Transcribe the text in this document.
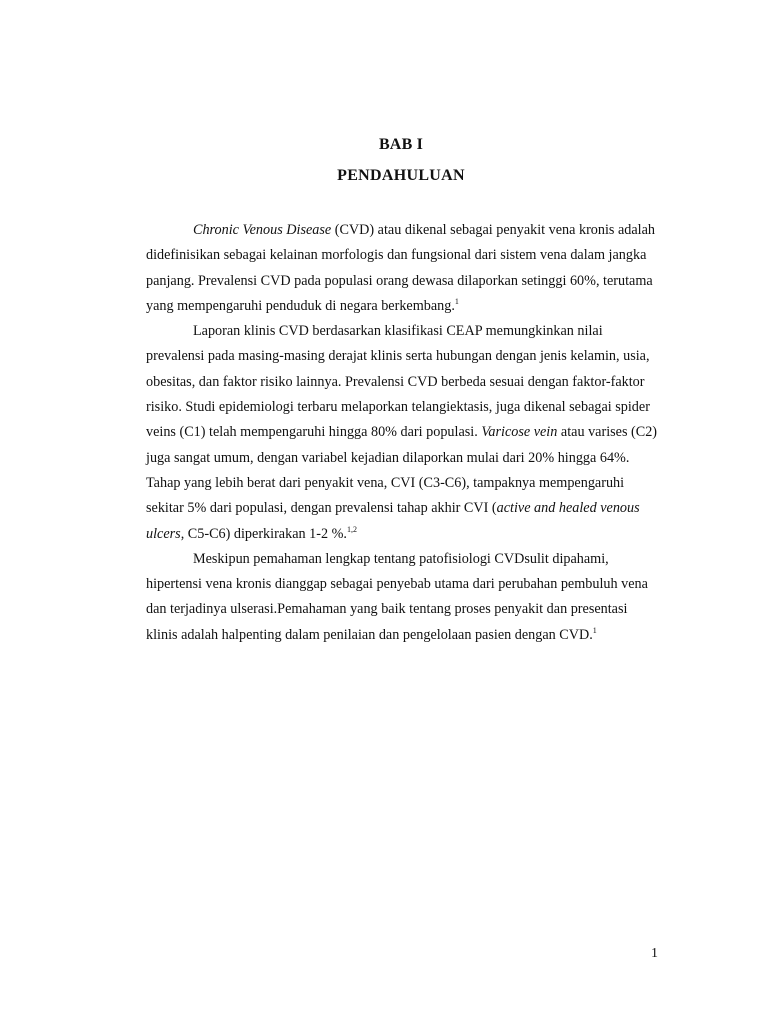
BAB I
PENDAHULUAN

Chronic Venous Disease (CVD) atau dikenal sebagai penyakit vena kronis adalah didefinisikan sebagai kelainan morfologis dan fungsional dari sistem vena dalam jangka panjang. Prevalensi CVD pada populasi orang dewasa dilaporkan setinggi 60%, terutama yang mempengaruhi penduduk di negara berkembang.$^1$

Laporan klinis CVD berdasarkan klasifikasi CEAP memungkinkan nilai prevalensi pada masing-masing derajat klinis serta hubungan dengan jenis kelamin, usia, obesitas, dan faktor risiko lainnya. Prevalensi CVD berbeda sesuai dengan faktor-faktor risiko. Studi epidemiologi terbaru melaporkan telangiektasis, juga dikenal sebagai spider veins (C1) telah mempengaruhi hingga 80% dari populasi. Varicose vein atau varises (C2) juga sangat umum, dengan variabel kejadian dilaporkan mulai dari 20% hingga 64%. Tahap yang lebih berat dari penyakit vena, CVI (C3-C6), tampaknya mempengaruhi sekitar 5% dari populasi, dengan prevalensi tahap akhir CVI (active and healed venous ulcers, C5-C6) diperkirakan 1-2 %.$^{1,2}$

Meskipun pemahaman lengkap tentang patofisiologi CVDsulit dipahami, hipertensi vena kronis dianggap sebagai penyebab utama dari perubahan pembuluh vena dan terjadinya ulserasi.Pemahaman yang baik tentang proses penyakit dan presentasi klinis adalah halpenting dalam penilaian dan pengelolaan pasien dengan CVD.$^1$

1
